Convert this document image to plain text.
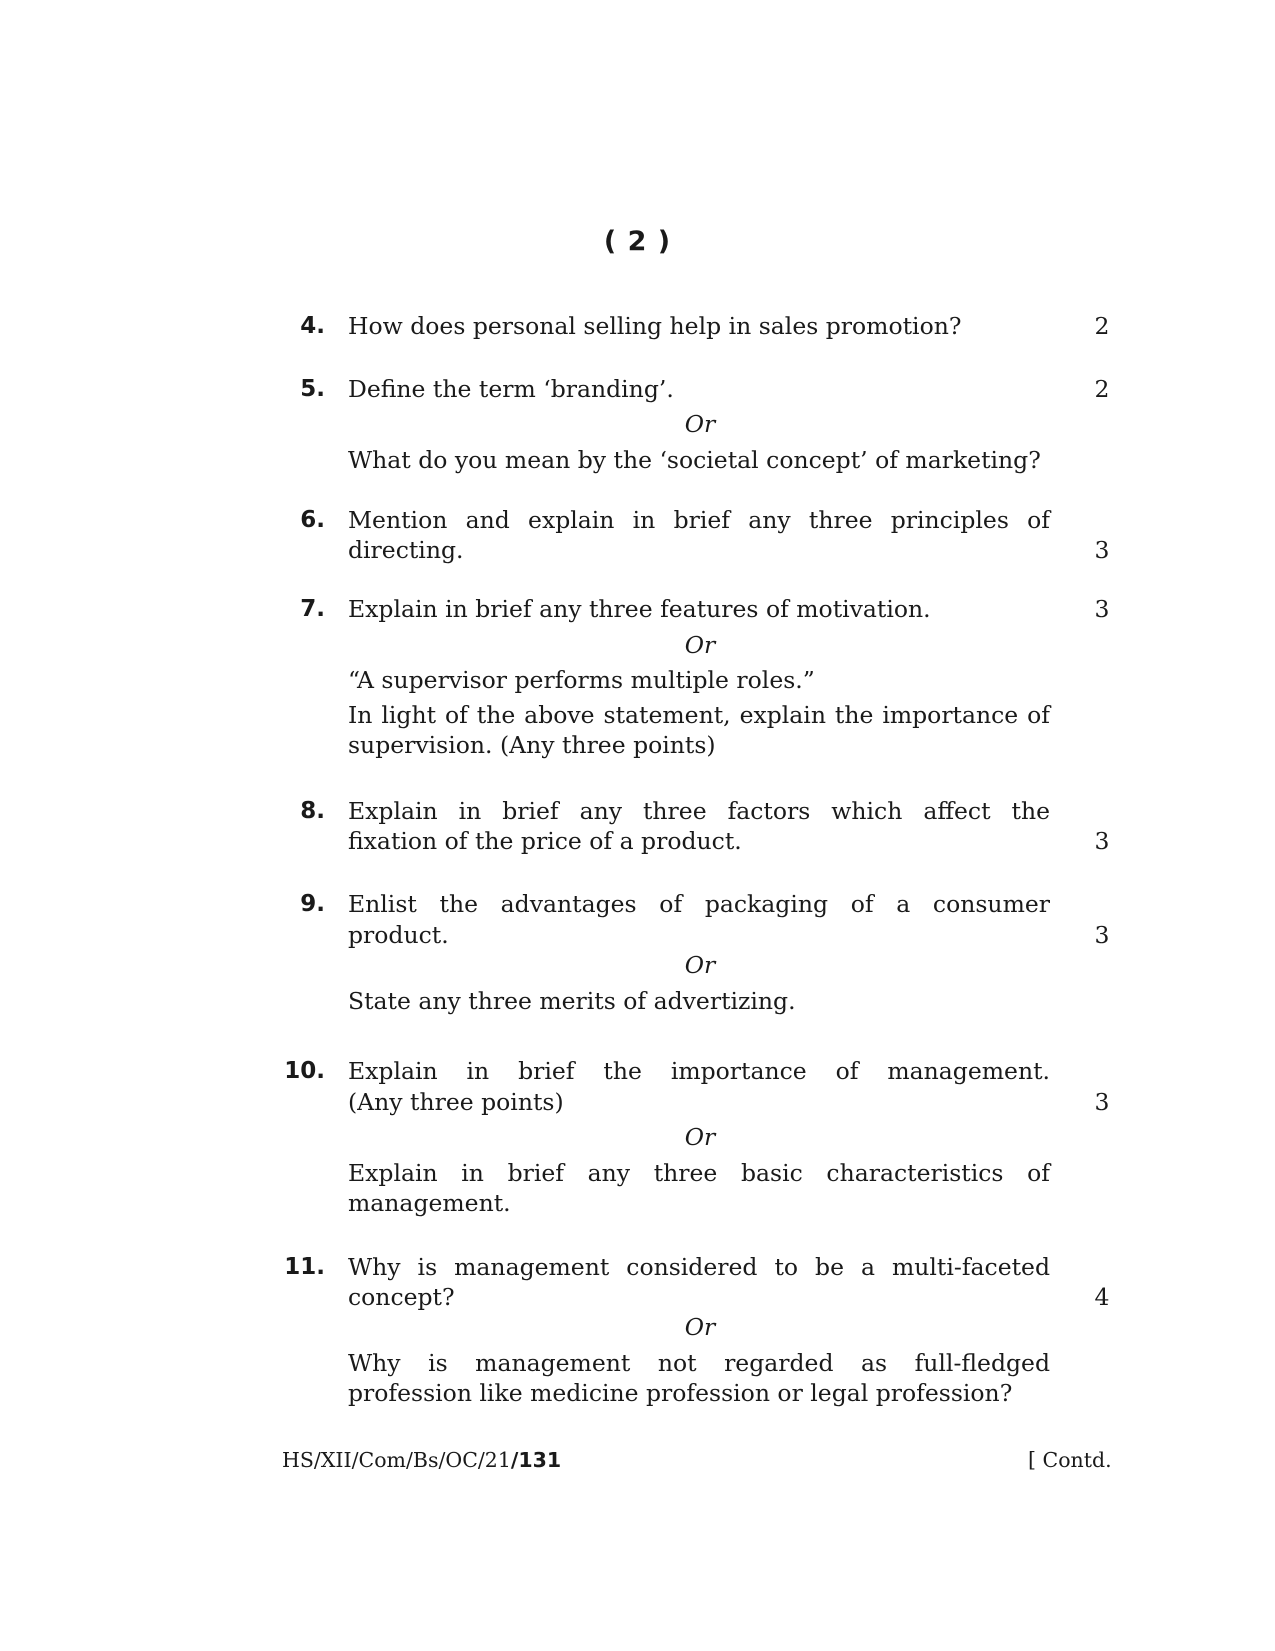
( 2 )
4. How does personal selling help in sales promotion?	2
5. Define the term ‘branding’.	2
Or
What do you mean by the ‘societal concept’ of marketing?
6. Mention and explain in brief any three principles of
directing.	3
7. Explain in brief any three features of motivation.	3
Or
“A supervisor performs multiple roles.”
In light of the above statement, explain the importance of
supervision. (Any three points)
8. Explain in brief any three factors which affect the
fixation of the price of a product.	3
9. Enlist the advantages of packaging of a consumer
product.	3
Or
State any three merits of advertizing.
10. Explain in brief the importance of management.
(Any three points)	3
Or
Explain in brief any three basic characteristics of
management.
11. Why is management considered to be a multi-faceted
concept?	4
Or
Why is management not regarded as full-fledged
profession like medicine profession or legal profession?
HS/XII/Com/Bs/OC/21/131	[ Contd.
